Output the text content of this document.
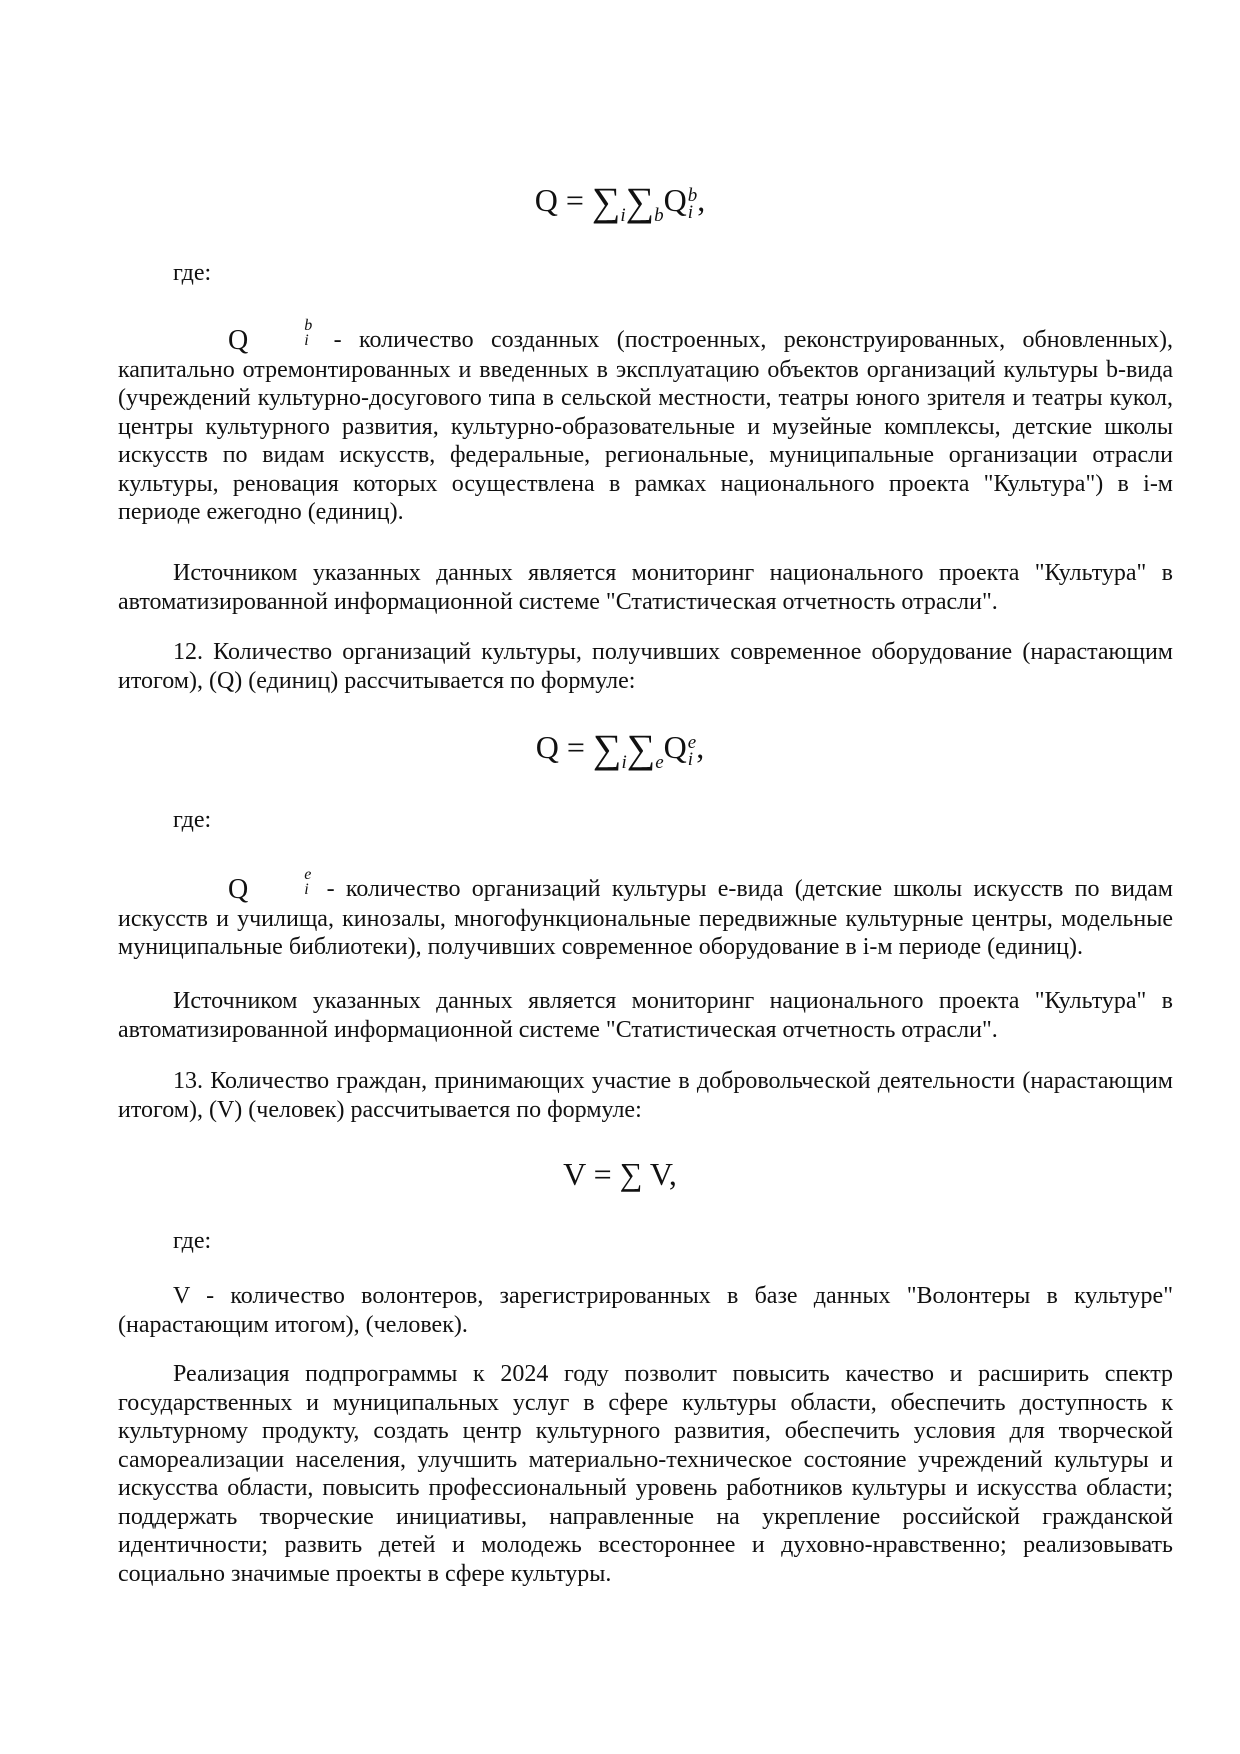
$Q = \sum_i\sum_bQ$ b
i ,
где:
Q	b
i - количество созданных (построенных, реконструированных, обновленных), капитально отремонтированных и введенных в эксплуатацию объектов организаций культуры b-вида (учреждений культурно-досугового типа в сельской местности, театры юного зрителя и театры кукол, центры культурного развития, культурно-образовательные и музейные комплексы, детские школы искусств по видам искусств, федеральные, региональные, муниципальные организации отрасли культуры, реновация которых осуществлена в рамках национального проекта "Культура") в i-м периоде ежегодно (единиц).

Источником указанных данных является мониторинг национального проекта "Культура" в автоматизированной информационной системе "Статистическая отчетность отрасли".

12. Количество организаций культуры, получивших современное оборудование (нарастающим итогом), (Q) (единиц) рассчитывается по формуле:

$Q = \sum_i\sum_eQ$ e
i ,
где:
Q	e
i - количество организаций культуры е-вида (детские школы искусств по видам искусств и училища, кинозалы, многофункциональные передвижные культурные центры, модельные муниципальные библиотеки), получивших современное оборудование в i-м периоде (единиц).

Источником указанных данных является мониторинг национального проекта "Культура" в автоматизированной информационной системе "Статистическая отчетность отрасли".

13. Количество граждан, принимающих участие в добровольческой деятельности (нарастающим итогом), (V) (человек) рассчитывается по формуле:

V = ∑ V,
где:

V - количество волонтеров, зарегистрированных в базе данных "Волонтеры в культуре" (нарастающим итогом), (человек).

Реализация подпрограммы к 2024 году позволит повысить качество и расширить спектр государственных и муниципальных услуг в сфере культуры области, обеспечить доступность к культурному продукту, создать центр культурного развития, обеспечить условия для творческой самореализации населения, улучшить материально-техническое состояние учреждений культуры и искусства области, повысить профессиональный уровень работников культуры и искусства области; поддержать творческие инициативы, направленные на укрепление российской гражданской идентичности; развить детей и молодежь всестороннее и духовно-нравственно; реализовывать социально значимые проекты в сфере культуры.
